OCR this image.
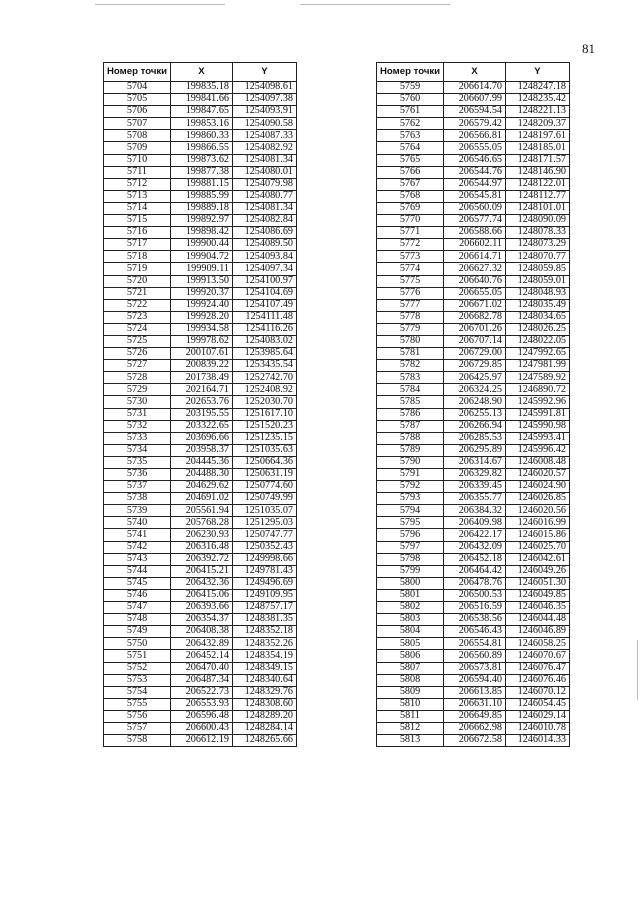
81
Номер точки	X	Y
5704	199835.18	1254098.61
5705	199841.66	1254097.38
5706	199847.65	1254093.91
5707	199853.16	1254090.58
5708	199860.33	1254087.33
5709	199866.55	1254082.92
5710	199873.62	1254081.34
5711	199877.38	1254080.01
5712	199881.15	1254079.98
5713	199885.99	1254080.77
5714	199889.18	1254081.34
5715	199892.97	1254082.84
5716	199898.42	1254086.69
5717	199900.44	1254089.50
5718	199904.72	1254093.84
5719	199909.11	1254097.34
5720	199913.50	1254100.97
5721	199920.37	1254104.69
5722	199924.40	1254107.49
5723	199928.20	1254111.48
5724	199934.58	1254116.26
5725	199978.62	1254083.02
5726	200107.61	1253985.64
5727	200839.22	1253435.54
5728	201738.49	1252742.70
5729	202164.71	1252408.92
5730	202653.76	1252030.70
5731	203195.55	1251617.10
5732	203322.65	1251520.23
5733	203696.66	1251235.15
5734	203958.37	1251035.63
5735	204445.36	1250664.36
5736	204488.30	1250631.19
5737	204629.62	1250774.60
5738	204691.02	1250749.99
5739	205561.94	1251035.07
5740	205768.28	1251295.03
5741	206230.93	1250747.77
5742	206316.48	1250352.43
5743	206392.72	1249998.66
5744	206415.21	1249781.43
5745	206432.36	1249496.69
5746	206415.06	1249109.95
5747	206393.66	1248757.17
5748	206354.37	1248381.35
5749	206408.38	1248352.18
5750	206432.89	1248352.26
5751	206452.14	1248354.19
5752	206470.40	1248349.15
5753	206487.34	1248340.64
5754	206522.73	1248329.76
5755	206553.93	1248308.60
5756	206596.48	1248289.20
5757	206600.43	1248284.14
5758	206612.19	1248265.66
Номер точки	X	Y
5759	206614.70	1248247.18
5760	206607.99	1248235.42
5761	206594.54	1248221.13
5762	206579.42	1248209.37
5763	206566.81	1248197.61
5764	206555.05	1248185.01
5765	206546.65	1248171.57
5766	206544.76	1248146.90
5767	206544.97	1248122.01
5768	206545.81	1248112.77
5769	206560.09	1248101.01
5770	206577.74	1248090.09
5771	206588.66	1248078.33
5772	206602.11	1248073.29
5773	206614.71	1248070.77
5774	206627.32	1248059.85
5775	206640.76	1248059.01
5776	206655.05	1248048.93
5777	206671.02	1248035.49
5778	206682.78	1248034.65
5779	206701.26	1248026.25
5780	206707.14	1248022.05
5781	206729.00	1247992.65
5782	206729.85	1247981.99
5783	206425.97	1247589.92
5784	206324.25	1246890.72
5785	206248.90	1245992.96
5786	206255.13	1245991.81
5787	206266.94	1245990.98
5788	206285.53	1245993.41
5789	206295.89	1245996.42
5790	206314.67	1246008.48
5791	206329.82	1246020.57
5792	206339.45	1246024.90
5793	206355.77	1246026.85
5794	206384.32	1246020.56
5795	206409.98	1246016.99
5796	206422.17	1246015.86
5797	206432.09	1246025.70
5798	206452.18	1246042.61
5799	206464.42	1246049.26
5800	206478.76	1246051.30
5801	206500.53	1246049.85
5802	206516.59	1246046.35
5803	206538.56	1246044.48
5804	206546.43	1246046.89
5805	206554.81	1246058.25
5806	206560.89	1246070.67
5807	206573.81	1246076.47
5808	206594.40	1246076.46
5809	206613.85	1246070.12
5810	206631.10	1246054.45
5811	206649.85	1246029.14
5812	206662.98	1246010.78
5813	206672.58	1246014.33
